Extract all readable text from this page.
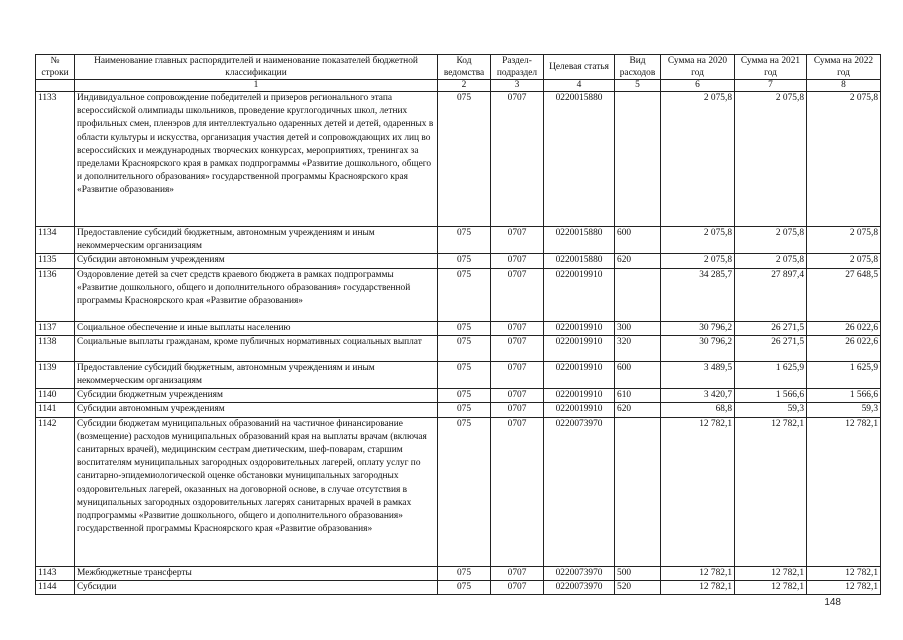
№ строки	Наименование главных распорядителей и наименование показателей бюджетной классификации	Код ведомства	Раздел-подраздел	Целевая статья	Вид расходов	Сумма на 2020 год	Сумма на 2021 год	Сумма на 2022 год
	1	2	3	4	5	6	7	8
1133	Индивидуальное сопровождение победителей и призеров регионального этапа всероссийской олимпиады школьников, проведение круглогодичных школ, летних профильных смен, пленэров для интеллектуально одаренных детей и детей, одаренных в области культуры и искусства, организация участия детей и сопровождающих их лиц во всероссийских и международных творческих конкурсах, мероприятиях, тренингах за пределами Красноярского края в рамках подпрограммы «Развитие дошкольного, общего и дополнительного образования» государственной программы Красноярского края «Развитие образования»	075	0707	0220015880		2 075,8	2 075,8	2 075,8
1134	Предоставление субсидий бюджетным, автономным учреждениям и иным некоммерческим организациям	075	0707	0220015880	600	2 075,8	2 075,8	2 075,8
1135	Субсидии автономным учреждениям	075	0707	0220015880	620	2 075,8	2 075,8	2 075,8
1136	Оздоровление детей за счет средств краевого бюджета в рамках подпрограммы «Развитие дошкольного, общего и дополнительного образования» государственной программы Красноярского края «Развитие образования»	075	0707	0220019910		34 285,7	27 897,4	27 648,5
1137	Социальное обеспечение и иные выплаты населению	075	0707	0220019910	300	30 796,2	26 271,5	26 022,6
1138	Социальные выплаты гражданам, кроме публичных нормативных социальных выплат	075	0707	0220019910	320	30 796,2	26 271,5	26 022,6
1139	Предоставление субсидий бюджетным, автономным учреждениям и иным некоммерческим организациям	075	0707	0220019910	600	3 489,5	1 625,9	1 625,9
1140	Субсидии бюджетным учреждениям	075	0707	0220019910	610	3 420,7	1 566,6	1 566,6
1141	Субсидии автономным учреждениям	075	0707	0220019910	620	68,8	59,3	59,3
1142	Субсидии бюджетам муниципальных образований на частичное финансирование (возмещение) расходов муниципальных образований края на выплаты врачам (включая санитарных врачей), медицинским сестрам диетическим, шеф-поварам, старшим воспитателям муниципальных загородных оздоровительных лагерей, оплату услуг по санитарно-эпидемиологической оценке обстановки муниципальных загородных оздоровительных лагерей, оказанных на договорной основе, в случае отсутствия в муниципальных загородных оздоровительных лагерях санитарных врачей в рамках подпрограммы «Развитие дошкольного, общего и дополнительного образования» государственной программы Красноярского края «Развитие образования»	075	0707	0220073970		12 782,1	12 782,1	12 782,1
1143	Межбюджетные трансферты	075	0707	0220073970	500	12 782,1	12 782,1	12 782,1
1144	Субсидии	075	0707	0220073970	520	12 782,1	12 782,1	12 782,1
148
